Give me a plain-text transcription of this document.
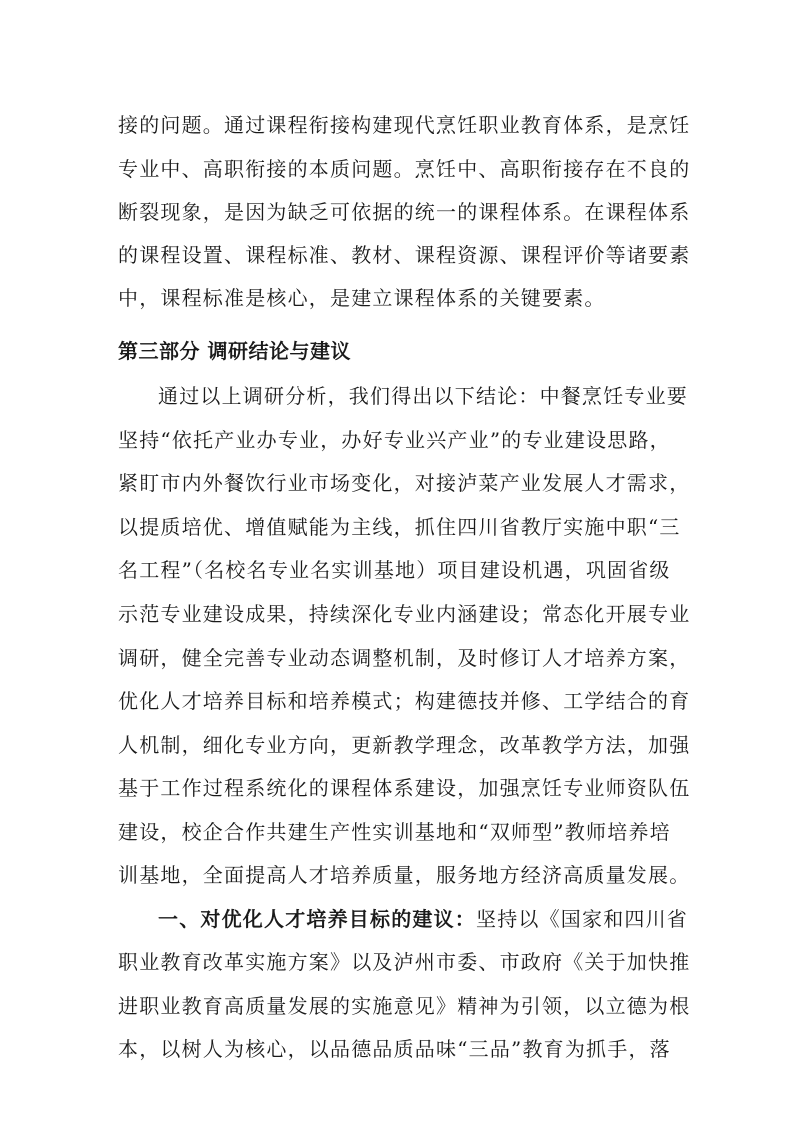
接的问题。通过课程衔接构建现代烹饪职业教育体系，是烹饪
专业中、高职衔接的本质问题。烹饪中、高职衔接存在不良的
断裂现象，是因为缺乏可依据的统一的课程体系。在课程体系
的课程设置、课程标准、教材、课程资源、课程评价等诸要素
中，课程标准是核心，是建立课程体系的关键要素。
第三部分 调研结论与建议
通过以上调研分析，我们得出以下结论：中餐烹饪专业要
坚持“依托产业办专业，办好专业兴产业”的专业建设思路，
紧盯市内外餐饮行业市场变化，对接泸菜产业发展人才需求，
以提质培优、增值赋能为主线，抓住四川省教厅实施中职“三
名工程”（名校名专业名实训基地）项目建设机遇，巩固省级
示范专业建设成果，持续深化专业内涵建设；常态化开展专业
调研，健全完善专业动态调整机制，及时修订人才培养方案，
优化人才培养目标和培养模式；构建德技并修、工学结合的育
人机制，细化专业方向，更新教学理念，改革教学方法，加强
基于工作过程系统化的课程体系建设，加强烹饪专业师资队伍
建设，校企合作共建生产性实训基地和“双师型”教师培养培
训基地，全面提高人才培养质量，服务地方经济高质量发展。
一、对优化人才培养目标的建议：坚持以《国家和四川省
职业教育改革实施方案》以及泸州市委、市政府《关于加快推
进职业教育高质量发展的实施意见》精神为引领，以立德为根
本，以树人为核心，以品德品质品味“三品”教育为抓手，落
